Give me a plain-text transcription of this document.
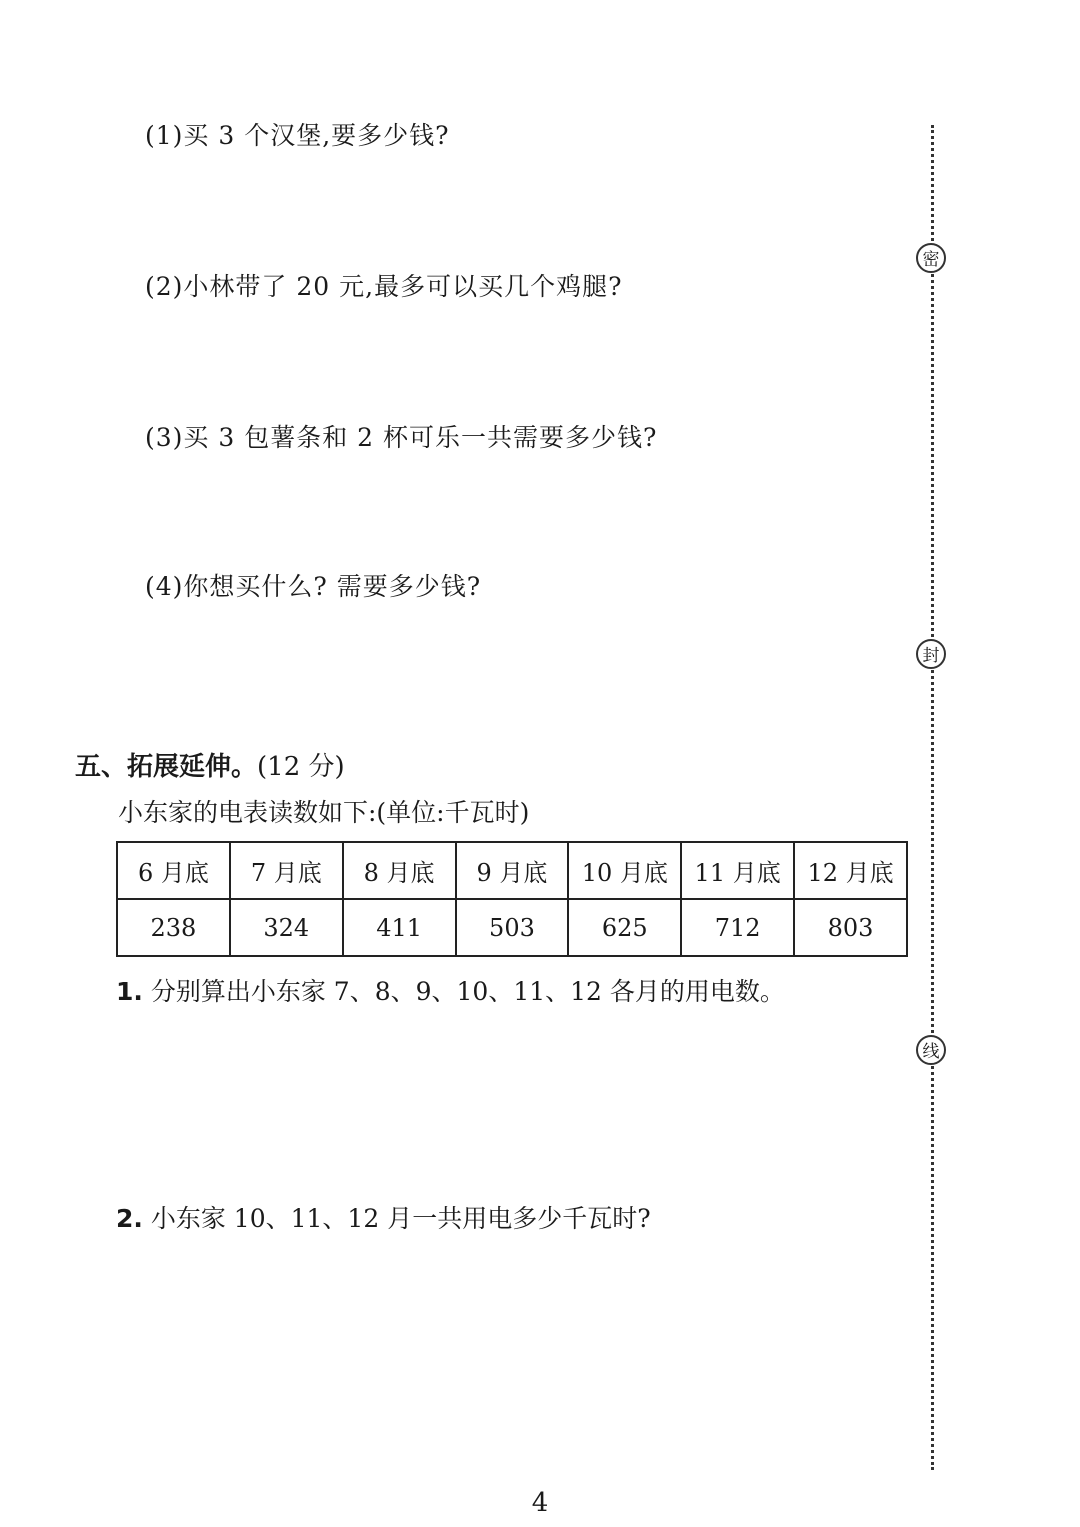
(1)买 3 个汉堡,要多少钱?
(2)小林带了 20 元,最多可以买几个鸡腿?
(3)买 3 包薯条和 2 杯可乐一共需要多少钱?
(4)你想买什么? 需要多少钱?
五、拓展延伸。(12 分)
小东家的电表读数如下:(单位:千瓦时)
6 月底	7 月底	8 月底	9 月底	10 月底	11 月底	12 月底
238	324	411	503	625	712	803
1. 分别算出小东家 7、8、9、10、11、12 各月的用电数。
2. 小东家 10、11、12 月一共用电多少千瓦时?
密
封
线
4
